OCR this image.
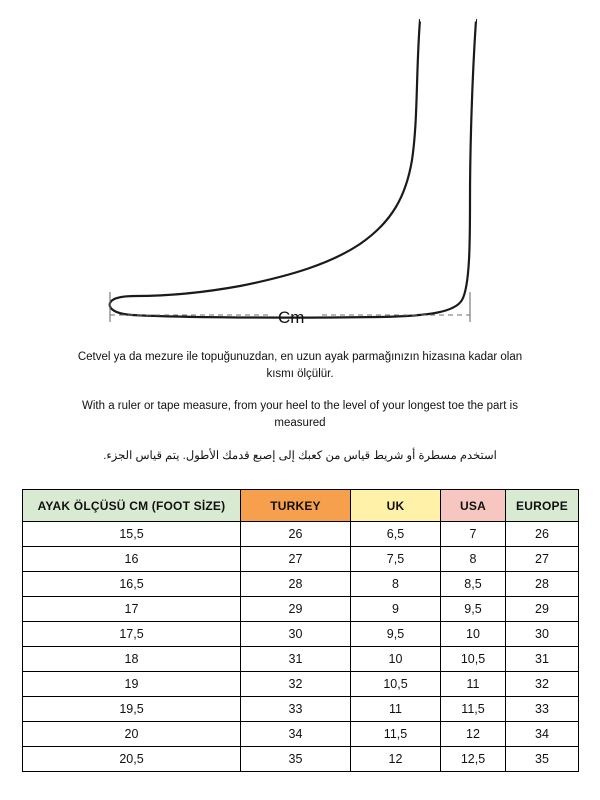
Cm

Cetvel ya da mezure ile topuğunuzdan, en uzun ayak parmağınızın hizasına kadar olan kısmı ölçülür.

With a ruler or tape measure, from your heel to the level of your longest toe the part is measured

استخدم مسطرة أو شريط قياس من كعبك إلى إصبع قدمك الأطول. يتم قياس الجزء.

AYAK ÖLÇÜSÜ CM (FOOT SİZE)	TURKEY	UK	USA	EUROPE
15,5	26	6,5	7	26
16	27	7,5	8	27
16,5	28	8	8,5	28
17	29	9	9,5	29
17,5	30	9,5	10	30
18	31	10	10,5	31
19	32	10,5	11	32
19,5	33	11	11,5	33
20	34	11,5	12	34
20,5	35	12	12,5	35
